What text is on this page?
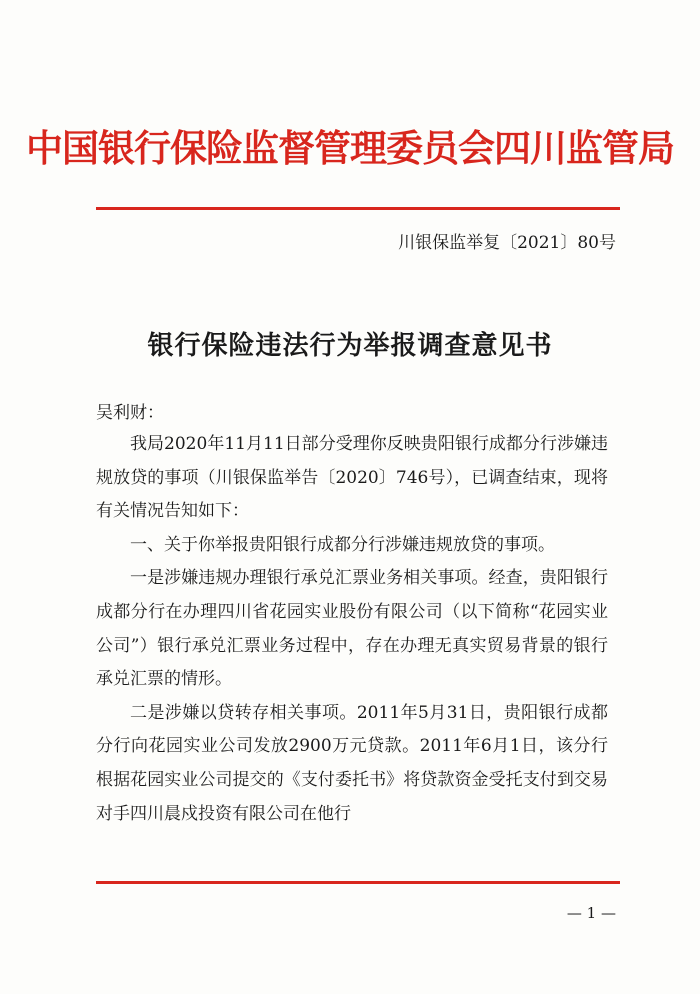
中国银行保险监督管理委员会四川监管局
川银保监举复〔2021〕80号
银行保险违法行为举报调查意见书
吴利财：

我局2020年11月11日部分受理你反映贵阳银行成都分行涉嫌违规放贷的事项（川银保监举告〔2020〕746号），已调查结束，现将有关情况告知如下：

一、关于你举报贵阳银行成都分行涉嫌违规放贷的事项。

一是涉嫌违规办理银行承兑汇票业务相关事项。经查，贵阳银行成都分行在办理四川省花园实业股份有限公司（以下简称“花园实业公司”）银行承兑汇票业务过程中，存在办理无真实贸易背景的银行承兑汇票的情形。

二是涉嫌以贷转存相关事项。2011年5月31日，贵阳银行成都分行向花园实业公司发放2900万元贷款。2011年6月1日，该分行根据花园实业公司提交的《支付委托书》将贷款资金受托支付到交易对手四川晨戍投资有限公司在他行

— 1 —
